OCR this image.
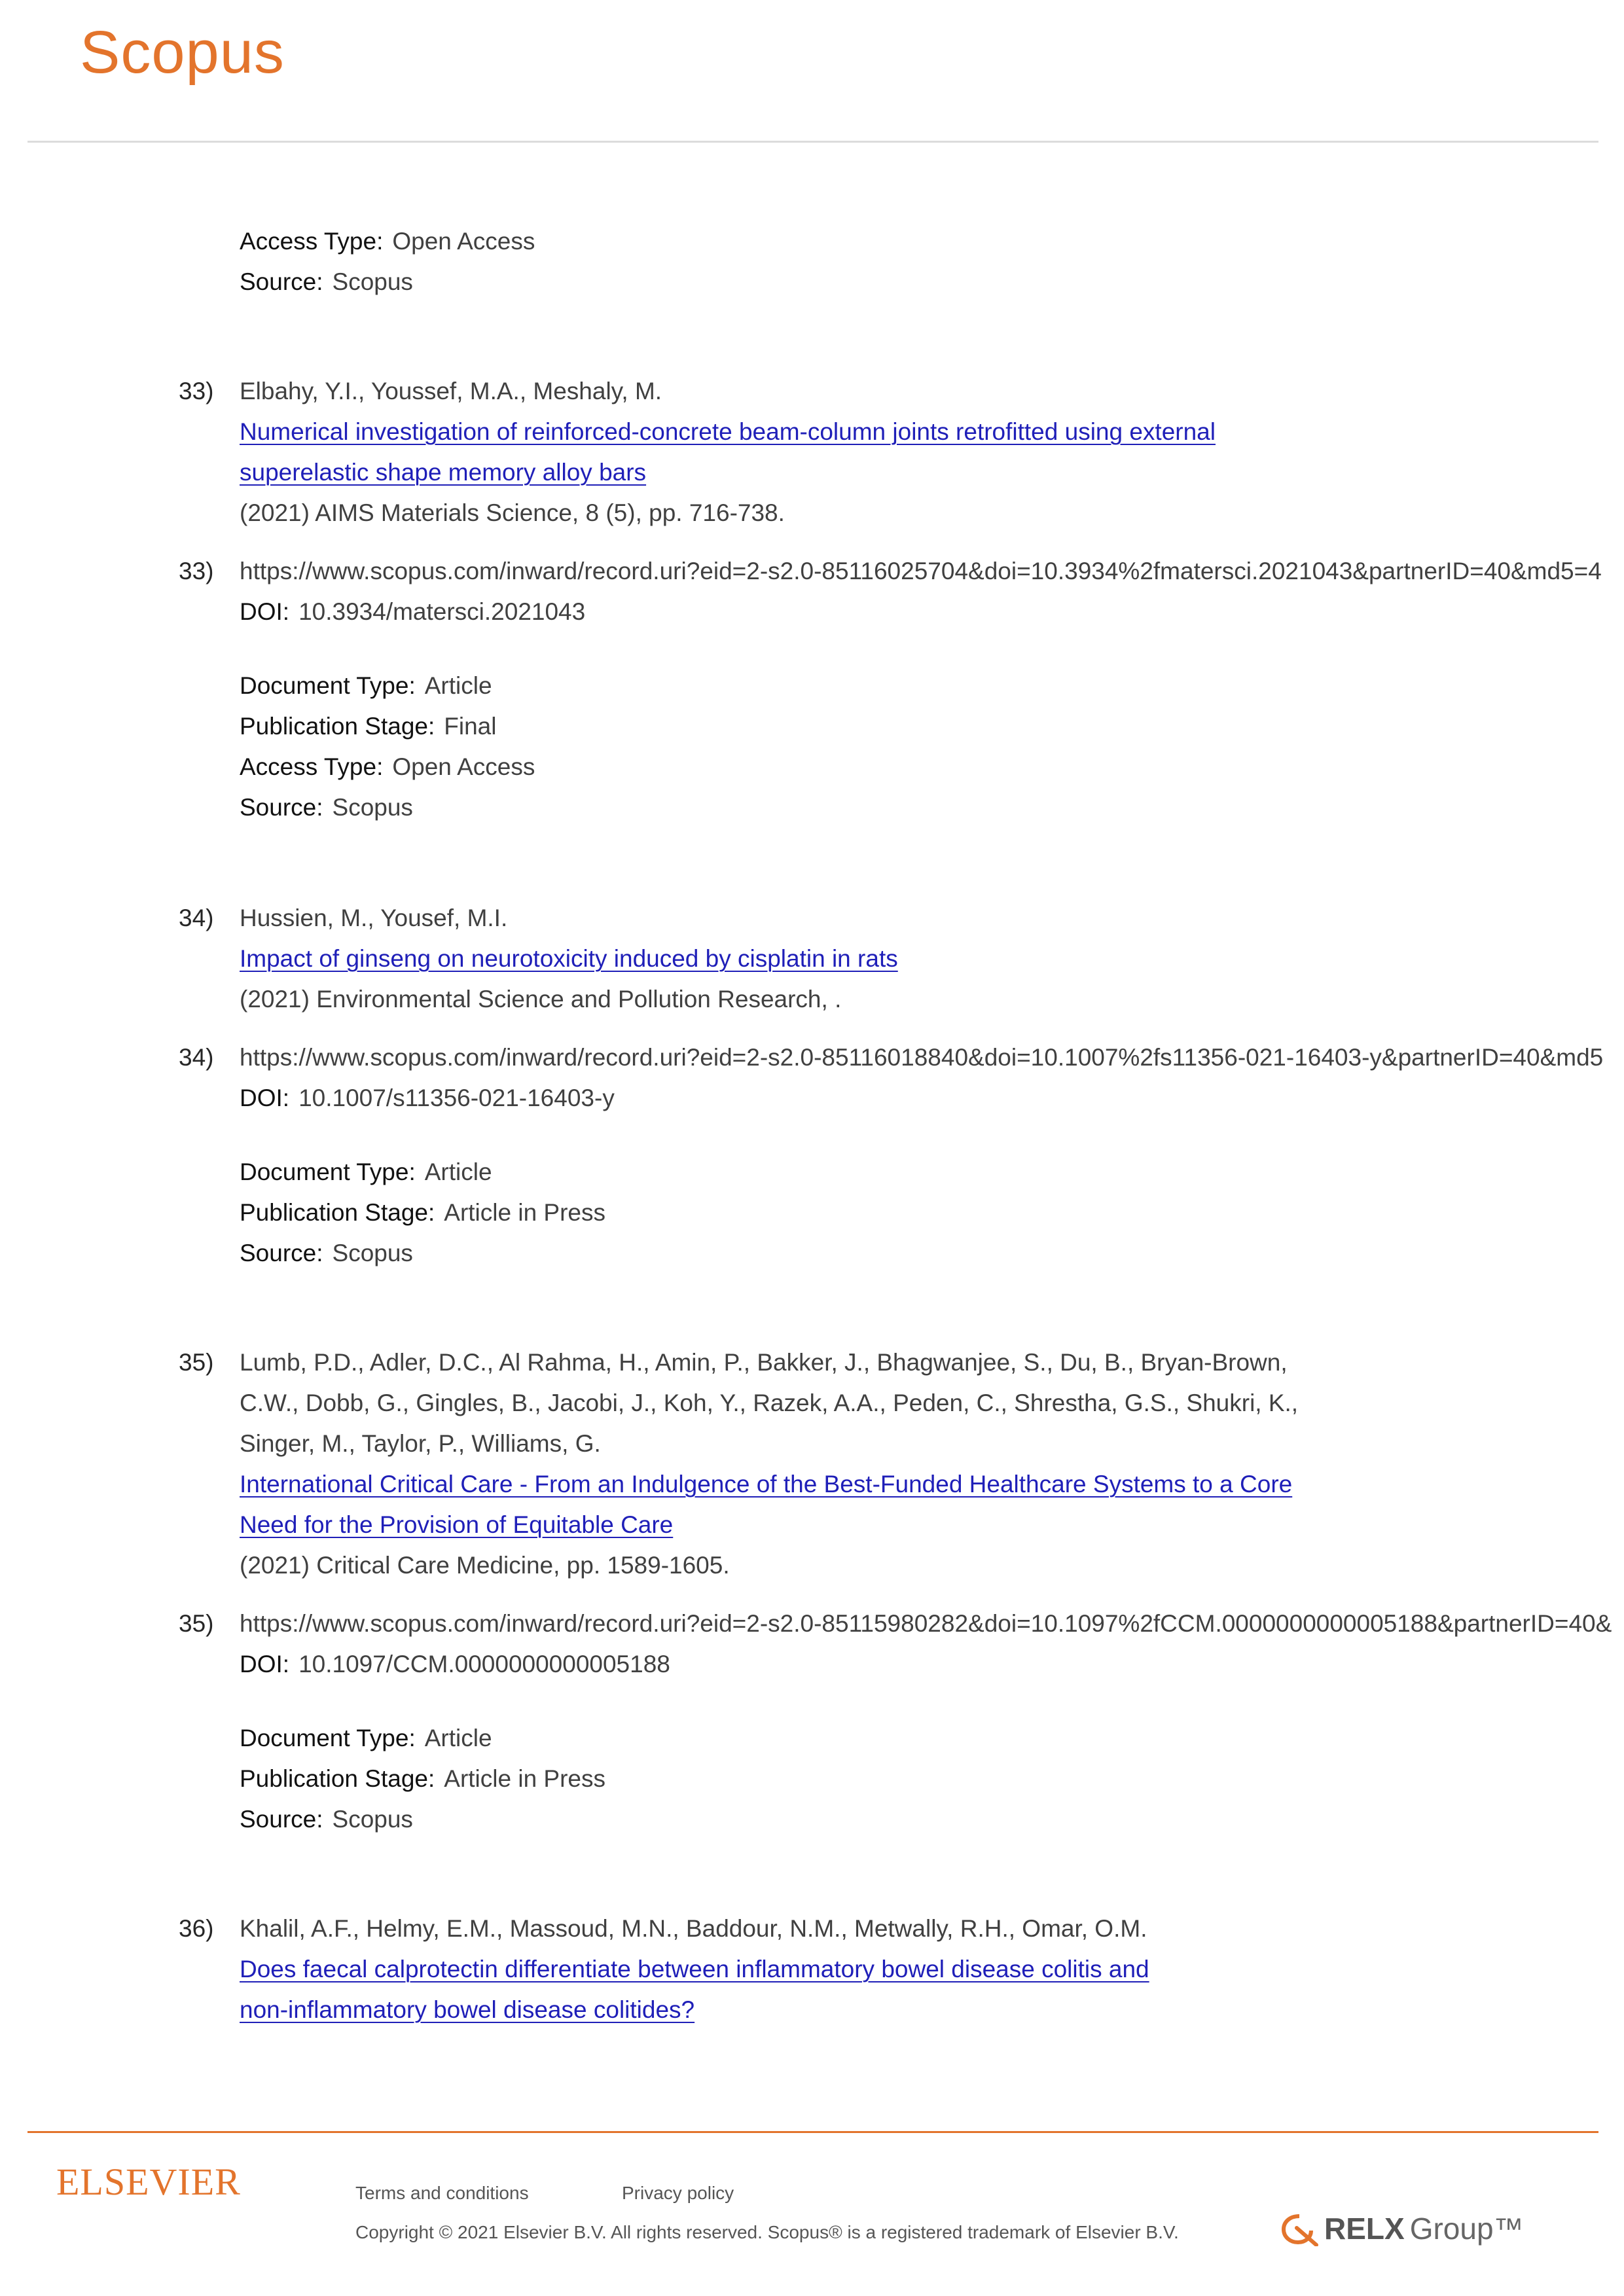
Scopus
Access Type: Open Access
Source: Scopus
33) Elbahy, Y.I., Youssef, M.A., Meshaly, M.
Numerical investigation of reinforced-concrete beam-column joints retrofitted using external
superelastic shape memory alloy bars
(2021) AIMS Materials Science, 8 (5), pp. 716-738.
33) https://www.scopus.com/inward/record.uri?eid=2-s2.0-85116025704&doi=10.3934%2fmatersci.2021043&partnerID=40&md5=4
DOI: 10.3934/matersci.2021043
Document Type: Article
Publication Stage: Final
Access Type: Open Access
Source: Scopus
34) Hussien, M., Yousef, M.I.
Impact of ginseng on neurotoxicity induced by cisplatin in rats
(2021) Environmental Science and Pollution Research, .
34) https://www.scopus.com/inward/record.uri?eid=2-s2.0-85116018840&doi=10.1007%2fs11356-021-16403-y&partnerID=40&md5
DOI: 10.1007/s11356-021-16403-y
Document Type: Article
Publication Stage: Article in Press
Source: Scopus
35) Lumb, P.D., Adler, D.C., Al Rahma, H., Amin, P., Bakker, J., Bhagwanjee, S., Du, B., Bryan-Brown,
C.W., Dobb, G., Gingles, B., Jacobi, J., Koh, Y., Razek, A.A., Peden, C., Shrestha, G.S., Shukri, K.,
Singer, M., Taylor, P., Williams, G.
International Critical Care - From an Indulgence of the Best-Funded Healthcare Systems to a Core
Need for the Provision of Equitable Care
(2021) Critical Care Medicine, pp. 1589-1605.
35) https://www.scopus.com/inward/record.uri?eid=2-s2.0-85115980282&doi=10.1097%2fCCM.0000000000005188&partnerID=40&
DOI: 10.1097/CCM.0000000000005188
Document Type: Article
Publication Stage: Article in Press
Source: Scopus
36) Khalil, A.F., Helmy, E.M., Massoud, M.N., Baddour, N.M., Metwally, R.H., Omar, O.M.
Does faecal calprotectin differentiate between inflammatory bowel disease colitis and
non-inflammatory bowel disease colitides?
ELSEVIER	Terms and conditions	Privacy policy
Copyright © 2021 Elsevier B.V. All rights reserved. Scopus® is a registered trademark of Elsevier B.V.	RELX Group™
